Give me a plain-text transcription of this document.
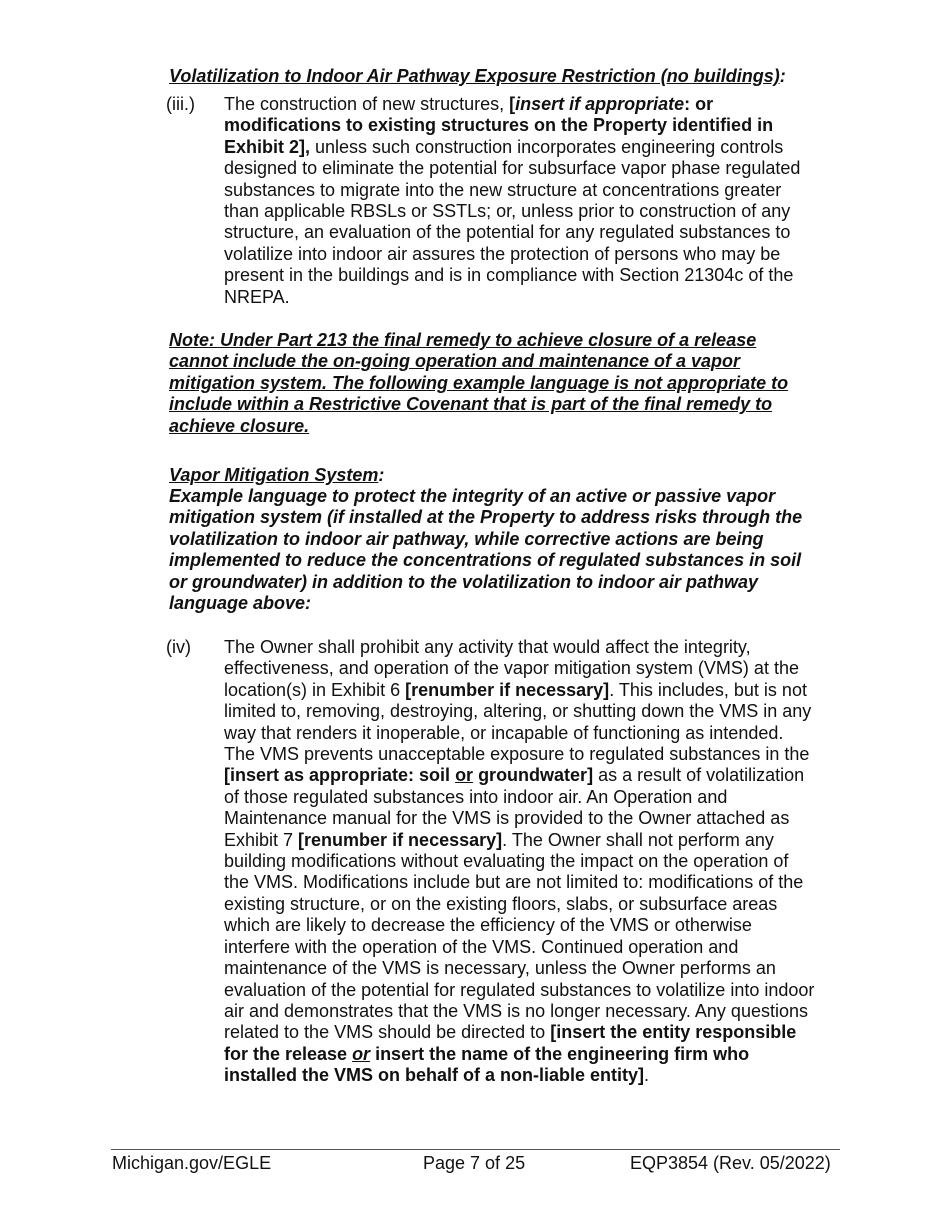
Volatilization to Indoor Air Pathway Exposure Restriction (no buildings):
(iii.) The construction of new structures, [insert if appropriate: or
modifications to existing structures on the Property identified in
Exhibit 2], unless such construction incorporates engineering controls
designed to eliminate the potential for subsurface vapor phase regulated
substances to migrate into the new structure at concentrations greater
than applicable RBSLs or SSTLs; or, unless prior to construction of any
structure, an evaluation of the potential for any regulated substances to
volatilize into indoor air assures the protection of persons who may be
present in the buildings and is in compliance with Section 21304c of the
NREPA.
Note: Under Part 213 the final remedy to achieve closure of a release
cannot include the on-going operation and maintenance of a vapor
mitigation system. The following example language is not appropriate to
include within a Restrictive Covenant that is part of the final remedy to
achieve closure.
Vapor Mitigation System:
Example language to protect the integrity of an active or passive vapor
mitigation system (if installed at the Property to address risks through the
volatilization to indoor air pathway, while corrective actions are being
implemented to reduce the concentrations of regulated substances in soil
or groundwater) in addition to the volatilization to indoor air pathway
language above:
(iv) The Owner shall prohibit any activity that would affect the integrity,
effectiveness, and operation of the vapor mitigation system (VMS) at the
location(s) in Exhibit 6 [renumber if necessary]. This includes, but is not
limited to, removing, destroying, altering, or shutting down the VMS in any
way that renders it inoperable, or incapable of functioning as intended.
The VMS prevents unacceptable exposure to regulated substances in the
[insert as appropriate: soil or groundwater] as a result of volatilization
of those regulated substances into indoor air. An Operation and
Maintenance manual for the VMS is provided to the Owner attached as
Exhibit 7 [renumber if necessary]. The Owner shall not perform any
building modifications without evaluating the impact on the operation of
the VMS. Modifications include but are not limited to: modifications of the
existing structure, or on the existing floors, slabs, or subsurface areas
which are likely to decrease the efficiency of the VMS or otherwise
interfere with the operation of the VMS. Continued operation and
maintenance of the VMS is necessary, unless the Owner performs an
evaluation of the potential for regulated substances to volatilize into indoor
air and demonstrates that the VMS is no longer necessary. Any questions
related to the VMS should be directed to [insert the entity responsible
for the release or insert the name of the engineering firm who
installed the VMS on behalf of a non-liable entity].
Michigan.gov/EGLE	Page 7 of 25	EQP3854 (Rev. 05/2022)
